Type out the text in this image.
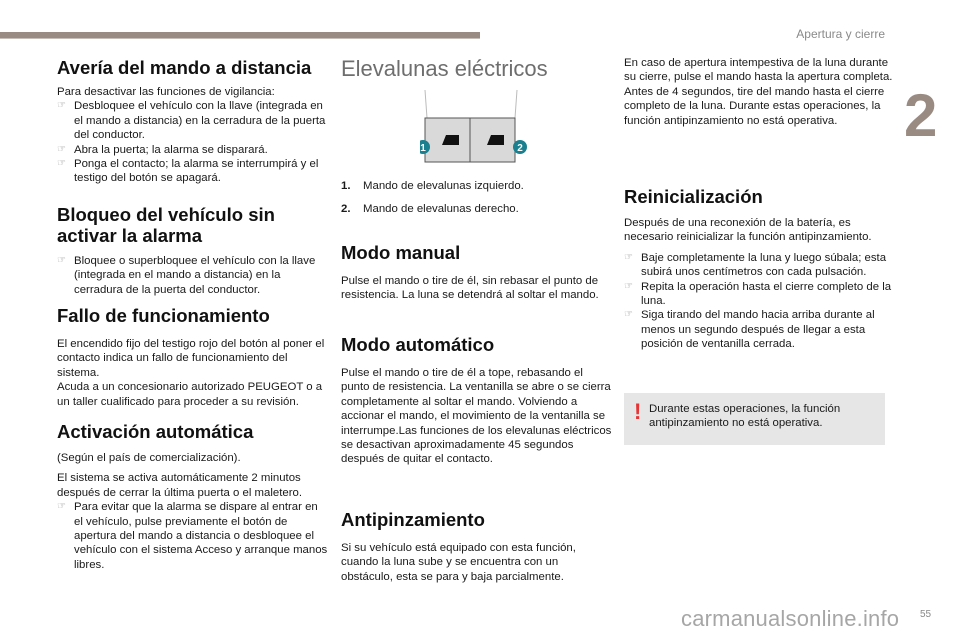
Apertura y cierre
2
Avería del mando a distancia

Para desactivar las funciones de vigilancia:

☞ Desbloquee el vehículo con la llave (integrada en el mando a distancia) en la cerradura de la puerta del conductor.
☞ Abra la puerta; la alarma se disparará.
☞ Ponga el contacto; la alarma se interrumpirá y el testigo del botón se apagará.
Bloqueo del vehículo sin activar la alarma
☞ Bloquee o superbloquee el vehículo con la llave (integrada en el mando a distancia) en la cerradura de la puerta del conductor.
Fallo de funcionamiento

El encendido fijo del testigo rojo del botón al poner el contacto indica un fallo de funcionamiento del sistema.

Acuda a un concesionario autorizado PEUGEOT o a un taller cualificado para proceder a su revisión.

Activación automática

(Según el país de comercialización).

El sistema se activa automáticamente 2 minutos después de cerrar la última puerta o el maletero.

☞ Para evitar que la alarma se dispare al entrar en el vehículo, pulse previamente el botón de apertura del mando a distancia o desbloquee el vehículo con el sistema Acceso y arranque manos libres.
Elevalunas eléctricos
1	2
1.	Mando de elevalunas izquierdo.
2.	Mando de elevalunas derecho.
Modo manual

Pulse el mando o tire de él, sin rebasar el punto de resistencia. La luna se detendrá al soltar el mando.

Modo automático

Pulse el mando o tire de él a tope, rebasando el punto de resistencia. La ventanilla se abre o se cierra completamente al soltar el mando. Volviendo a accionar el mando, el movimiento de la ventanilla se interrumpe.Las funciones de los elevalunas eléctricos se desactivan aproximadamente 45 segundos después de quitar el contacto.

Antipinzamiento

Si su vehículo está equipado con esta función, cuando la luna sube y se encuentra con un obstáculo, esta se para y baja parcialmente.

En caso de apertura intempestiva de la luna durante su cierre, pulse el mando hasta la apertura completa. Antes de 4 segundos, tire del mando hasta el cierre completo de la luna. Durante estas operaciones, la función antipinzamiento no está operativa.

Reinicialización

Después de una reconexión de la batería, es necesario reinicializar la función antipinzamiento.

☞ Baje completamente la luna y luego súbala; esta subirá unos centímetros con cada pulsación.
☞ Repita la operación hasta el cierre completo de la luna.
☞ Siga tirando del mando hacia arriba durante al menos un segundo después de llegar a esta posición de ventanilla cerrada.
! Durante estas operaciones, la función antipinzamiento no está operativa.

carmanualsonline.info 55
